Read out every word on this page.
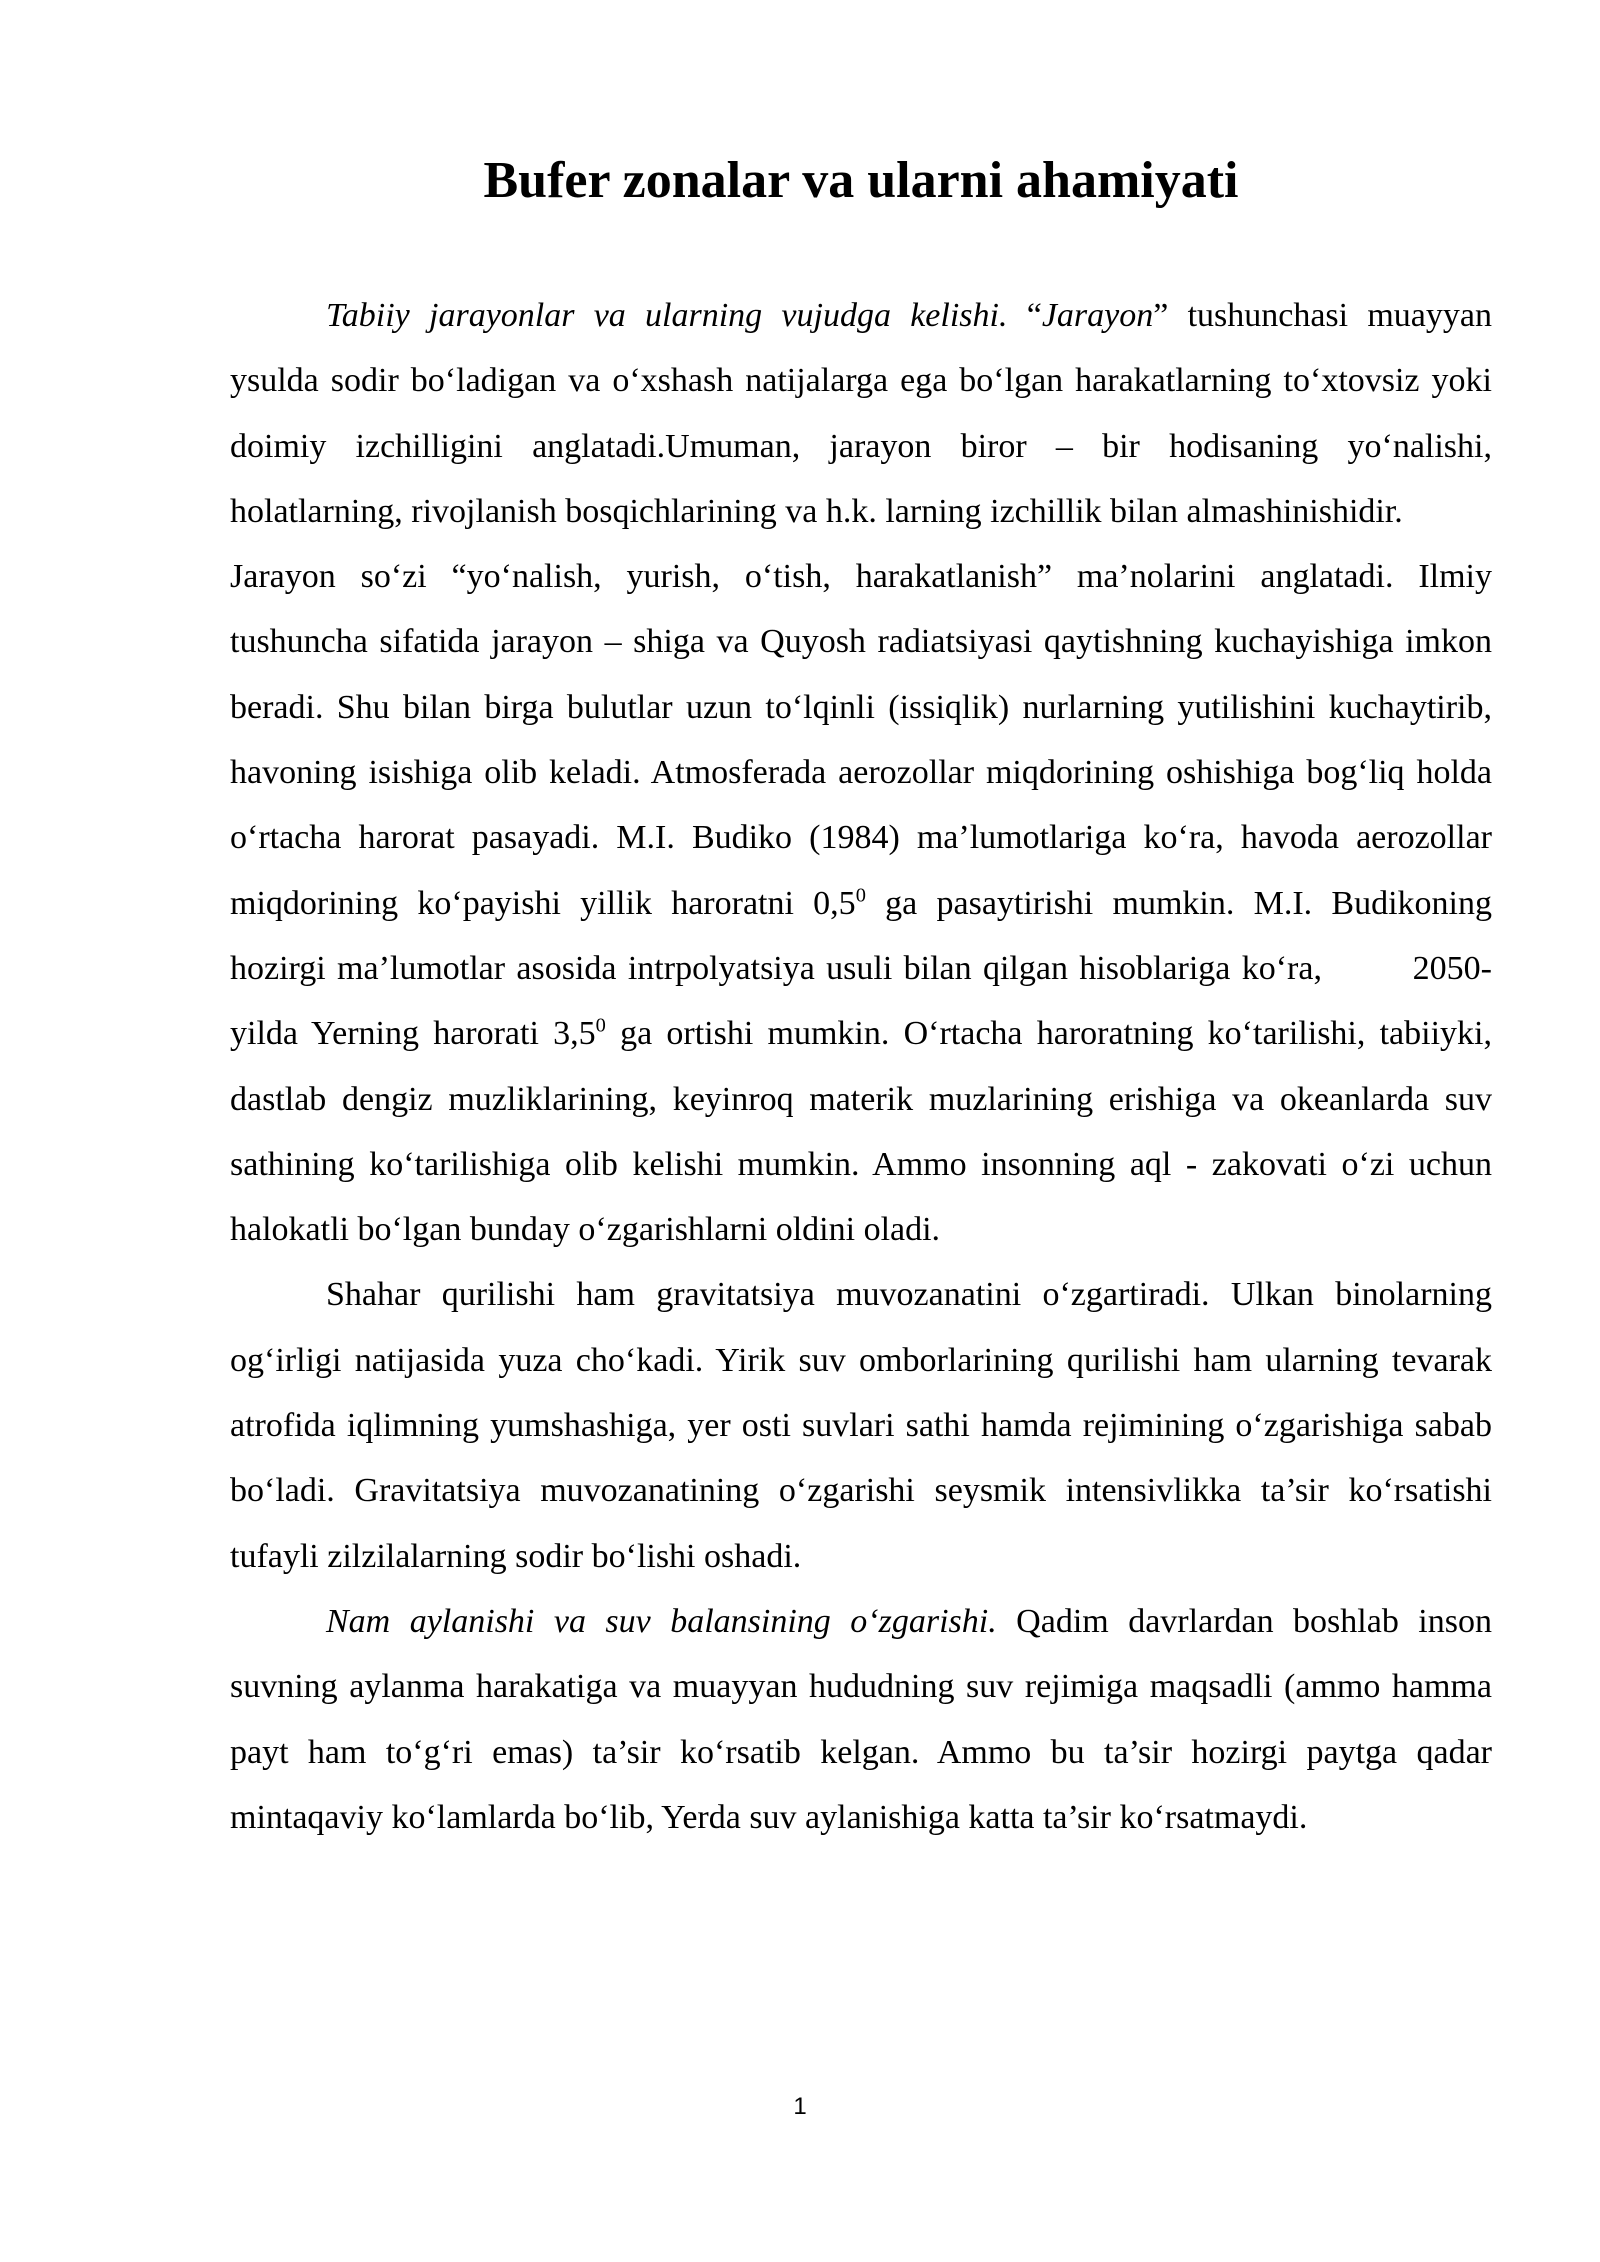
Bufer zonalar va ularni ahamiyati

Tabiiy jarayonlar va ularning vujudga kelishi. “Jarayon” tushunchasi muayyan ysulda sodir bo‘ladigan va o‘xshash natijalarga ega bo‘lgan harakatlarning to‘xtovsiz yoki doimiy izchilligini anglatadi.Umuman, jarayon biror – bir hodisaning yo‘nalishi, holatlarning, rivojlanish bosqichlarining va h.k. larning izchillik bilan almashinishidir.

Jarayon so‘zi “yo‘nalish, yurish, o‘tish, harakatlanish” ma’nolarini anglatadi. Ilmiy tushuncha sifatida jarayon – shiga va Quyosh radiatsiyasi qaytishning kuchayishiga imkon beradi. Shu bilan birga bulutlar uzun to‘lqinli (issiqlik) nurlarning yutilishini kuchaytirib, havoning isishiga olib keladi. Atmosferada aerozollar miqdorining oshishiga bog‘liq holda o‘rtacha harorat pasayadi. M.I. Budiko (1984) ma’lumotlariga ko‘ra, havoda aerozollar miqdorining ko‘payishi yillik haroratni $0,5^0$ ga pasaytirishi mumkin. M.I. Budikoning hozirgi ma’lumotlar asosida intrpolyatsiya usuli bilan qilgan hisoblariga ko‘ra,        2050-yilda Yerning harorati $3,5^0$ ga ortishi mumkin. O‘rtacha haroratning ko‘tarilishi, tabiiyki, dastlab dengiz muzliklarining, keyinroq materik muzlarining erishiga va okeanlarda suv sathining ko‘tarilishiga olib kelishi mumkin. Ammo insonning aql - zakovati o‘zi uchun halokatli bo‘lgan bunday o‘zgarishlarni oldini oladi.

Shahar qurilishi ham gravitatsiya muvozanatini o‘zgartiradi. Ulkan binolarning og‘irligi natijasida yuza cho‘kadi. Yirik suv omborlarining qurilishi ham ularning tevarak atrofida iqlimning yumshashiga, yer osti suvlari sathi hamda rejimining o‘zgarishiga sabab bo‘ladi. Gravitatsiya muvozanatining o‘zgarishi seysmik intensivlikka ta’sir ko‘rsatishi tufayli zilzilalarning sodir bo‘lishi oshadi.

Nam aylanishi va suv balansining o‘zgarishi. Qadim davrlardan boshlab inson suvning aylanma harakatiga va muayyan hududning suv rejimiga maqsadli (ammo hamma payt ham to‘g‘ri emas) ta’sir ko‘rsatib kelgan. Ammo bu ta’sir hozirgi paytga qadar mintaqaviy ko‘lamlarda bo‘lib, Yerda suv aylanishiga katta ta’sir ko‘rsatmaydi.

1
